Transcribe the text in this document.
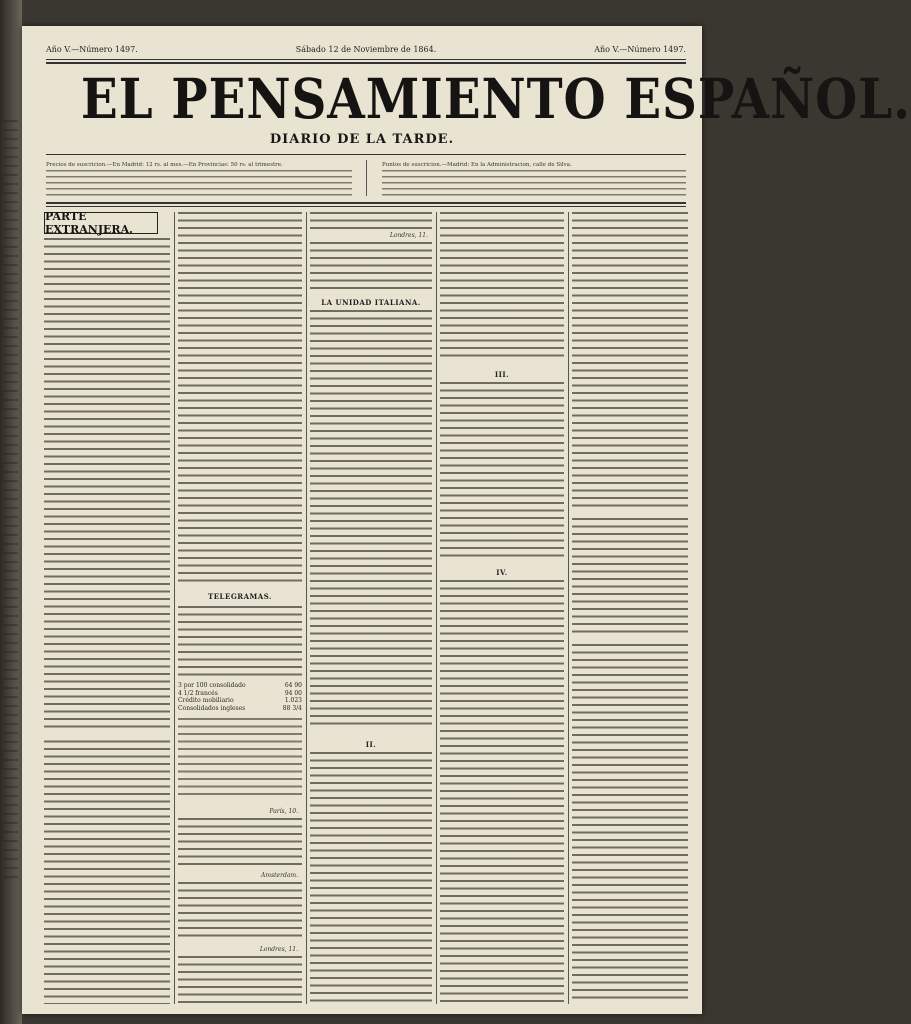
Año V.—Número 1497.	Sábado 12 de Noviembre de 1864.	Año V.—Número 1497.
EL PENSAMIENTO ESPAÑOL.
DIARIO DE LA TARDE.
Precios de suscricion.—En Madrid: 12 rs. al mes.—En Provincias: 50 rs. al trimestre.	Puntos de suscricion.—Madrid: En la Administracion, calle de Silva.
PARTE EXTRANJERA.
TELEGRAMAS.
3 por 100 consolidado	64 90
4 1/2 francés	94 00
Crédito mobiliario	1.023
Consolidados ingleses	88 3/4
París, 10.
Amsterdam.
Londres, 11.
Londres, 11.
LA UNIDAD ITALIANA.
II.
III.
IV.
